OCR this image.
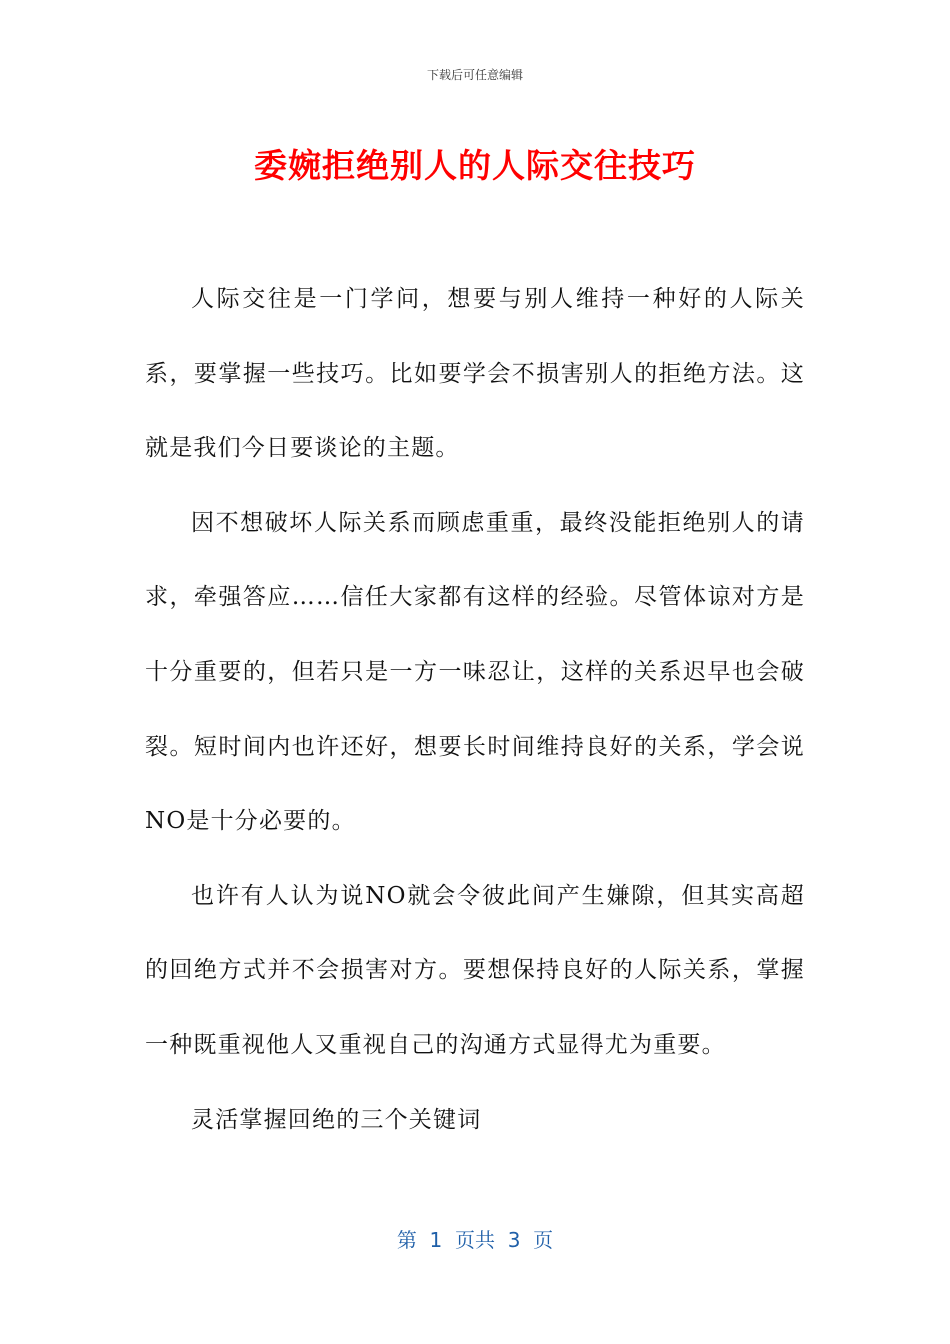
下载后可任意编辑
委婉拒绝别人的人际交往技巧

人际交往是一门学问，想要与别人维持一种好的人际关系，要掌握一些技巧。比如要学会不损害别人的拒绝方法。这就是我们今日要谈论的主题。

因不想破坏人际关系而顾虑重重，最终没能拒绝别人的请求，牵强答应……信任大家都有这样的经验。尽管体谅对方是十分重要的，但若只是一方一味忍让，这样的关系迟早也会破裂。短时间内也许还好，想要长时间维持良好的关系，学会说NO是十分必要的。

也许有人认为说NO就会令彼此间产生嫌隙，但其实高超的回绝方式并不会损害对方。要想保持良好的人际关系，掌握一种既重视他人又重视自己的沟通方式显得尤为重要。

灵活掌握回绝的三个关键词

第  1  页共  3  页
